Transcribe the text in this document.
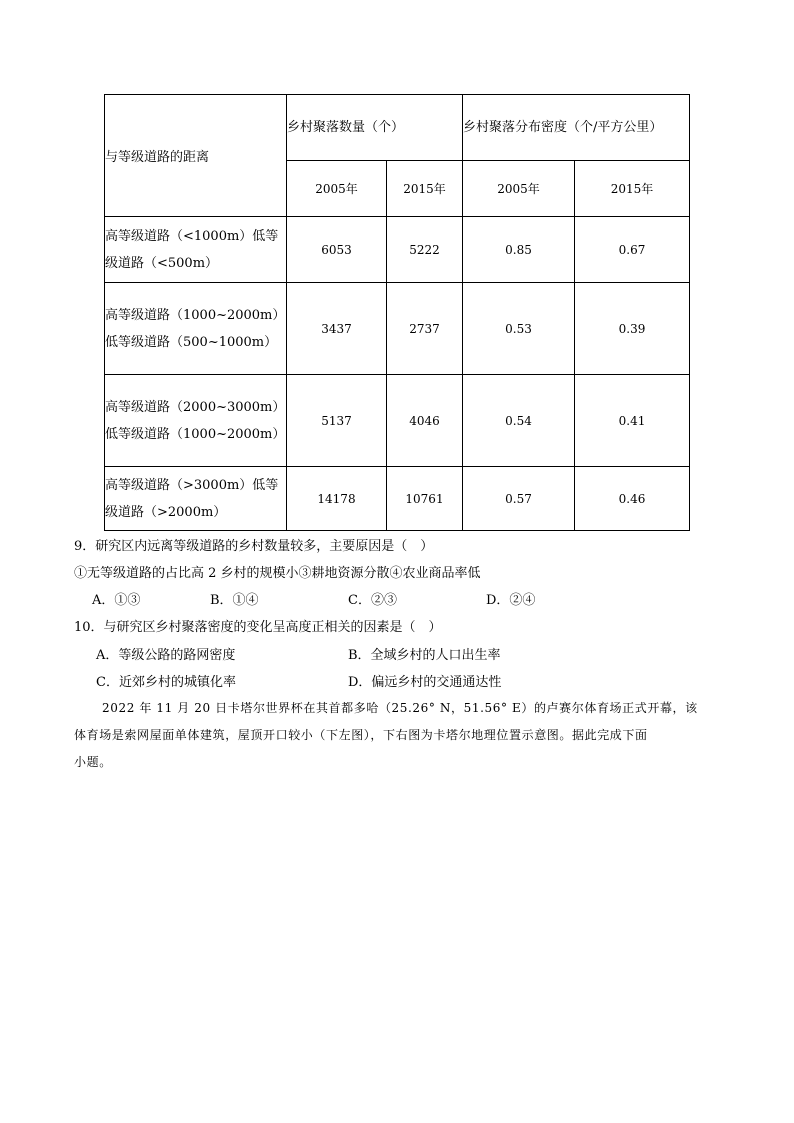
与等级道路的距离	乡村聚落数量（个）		乡村聚落分布密度（个/平方公里）	
	2005年	2015年	2005年	2015年
高等级道路（<1000m）低等级道路（<500m）	6053	5222	0.85	0.67
高等级道路（1000~2000m）低等级道路（500~1000m）	3437	2737	0.53	0.39
高等级道路（2000~3000m）低等级道路（1000~2000m）	5137	4046	0.54	0.41
高等级道路（>3000m）低等级道路（>2000m）	14178	10761	0.57	0.46
9．研究区内远离等级道路的乡村数量较多，主要原因是（　）
①无等级道路的占比高 2 乡村的规模小③耕地资源分散④农业商品率低
A．①③	B．①④	C．②③	D．②④
10．与研究区乡村聚落密度的变化呈高度正相关的因素是（　）
A．等级公路的路网密度	B．全域乡村的人口出生率
C．近郊乡村的城镇化率	D．偏远乡村的交通通达性
2022 年 11 月 20 日卡塔尔世界杯在其首都多哈（25.26° N，51.56° E）的卢赛尔体育场正式开幕，该
体育场是索网屋面单体建筑，屋顶开口较小（下左图），下右图为卡塔尔地理位置示意图。据此完成下面
小题。
